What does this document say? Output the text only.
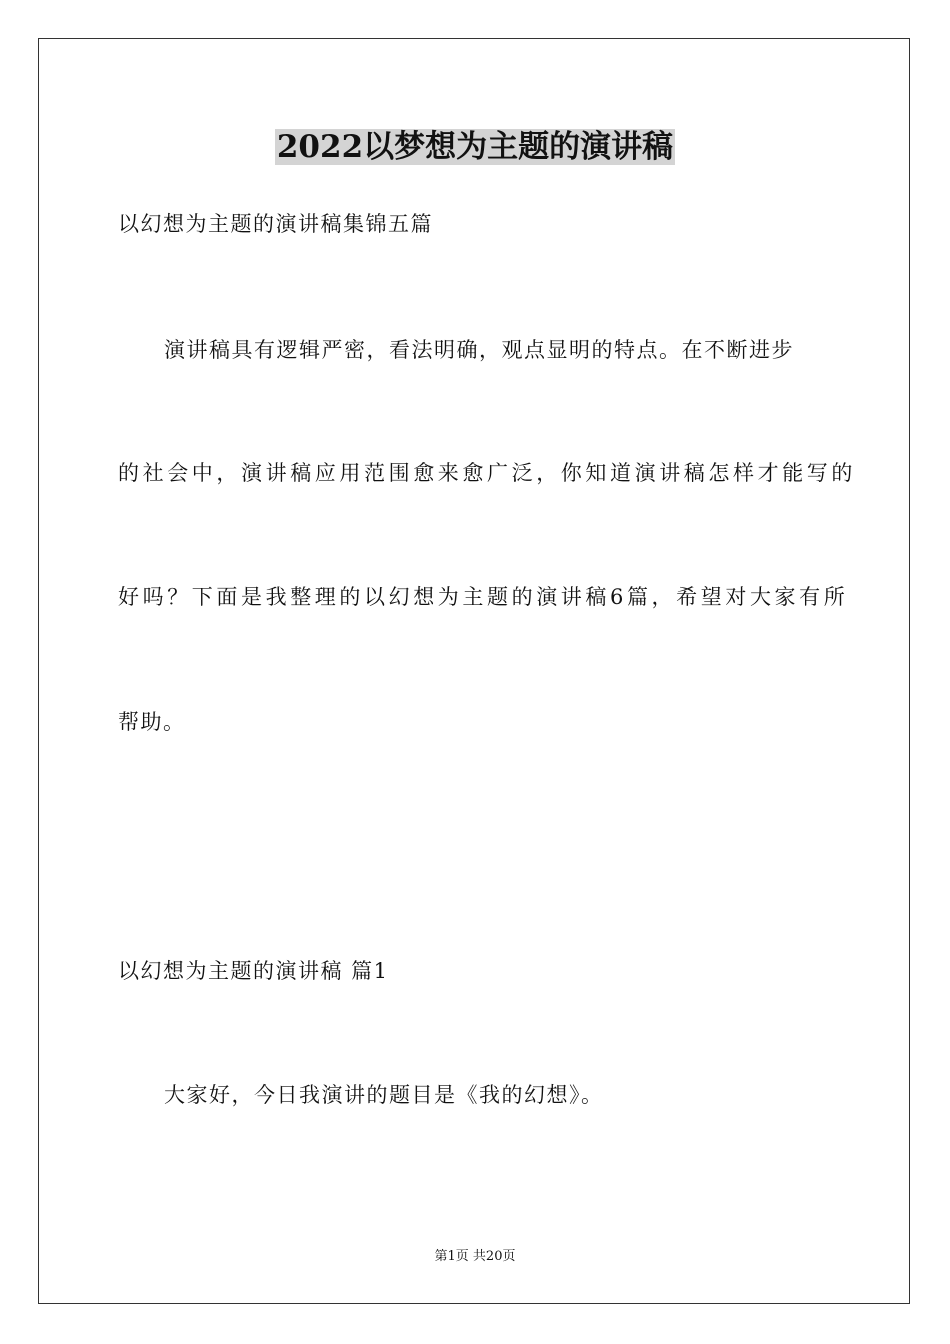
2022以梦想为主题的演讲稿
以幻想为主题的演讲稿集锦五篇
演讲稿具有逻辑严密，看法明确，观点显明的特点。在不断进步
的社会中，演讲稿应用范围愈来愈广泛，你知道演讲稿怎样才能写的
好吗？下面是我整理的以幻想为主题的演讲稿6篇，希望对大家有所
帮助。
以幻想为主题的演讲稿 篇1
大家好，今日我演讲的题目是《我的幻想》。
第1页 共20页
